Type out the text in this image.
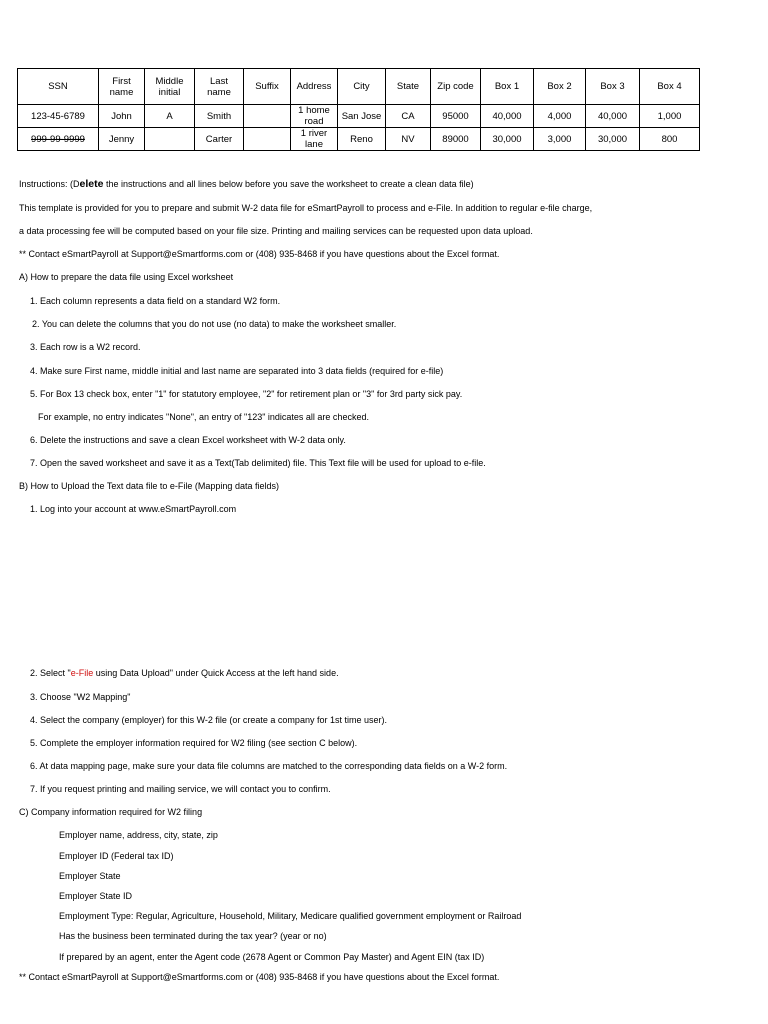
SSN	First name	Middle initial	Last name	Suffix	Address	City	State	Zip code	Box 1	Box 2	Box 3	Box 4
123-45-6789	John	A	Smith		1 home road	San Jose	CA	95000	40,000	4,000	40,000	1,000
999-99-9999	Jenny		Carter		1 river lane	Reno	NV	89000	30,000	3,000	30,000	800
Instructions: (Delete the instructions and all lines below before you save the worksheet to create a clean data file)
This template is provided for you to prepare and submit W-2 data file for eSmartPayroll to process and e-File. In addition to regular e-file charge,
a data processing fee will be computed based on your file size. Printing and mailing services can be requested upon data upload.
** Contact eSmartPayroll at Support@eSmartforms.com or (408) 935-8468 if you have questions about the Excel format.
A) How to prepare the data file using Excel worksheet
1. Each column represents a data field on a standard W2 form.
2. You can delete the columns that you do not use (no data) to make the worksheet smaller.
3. Each row is a W2 record.
4. Make sure First name, middle initial and last name are separated into 3 data fields (required for e-file)
5. For Box 13 check box, enter "1" for statutory employee, "2" for retirement plan or "3" for 3rd party sick pay.
For example, no entry indicates "None", an entry of "123" indicates all are checked.
6. Delete the instructions and save a clean Excel worksheet with W-2 data only.
7. Open the saved worksheet and save it as a Text(Tab delimited) file. This Text file will be used for upload to e-file.
B) How to Upload the Text data file to e-File (Mapping data fields)
1. Log into your account at www.eSmartPayroll.com
2. Select "e-File using Data Upload" under Quick Access at the left hand side.
3. Choose "W2 Mapping"
4. Select the company (employer) for this W-2 file (or create a company for 1st time user).
5. Complete the employer information required for W2 filing (see section C below).
6. At data mapping page, make sure your data file columns are matched to the corresponding data fields on a W-2 form.
7. If you request printing and mailing service, we will contact you to confirm.
C) Company information required for W2 filing
Employer name, address, city, state, zip
Employer ID (Federal tax ID)
Employer State
Employer State ID
Employment Type: Regular, Agriculture, Household, Military, Medicare qualified government employment or Railroad
Has the business been terminated during the tax year? (year or no)
If prepared by an agent, enter the Agent code (2678 Agent or Common Pay Master) and Agent EIN (tax ID)
** Contact eSmartPayroll at Support@eSmartforms.com or (408) 935-8468 if you have questions about the Excel format.
